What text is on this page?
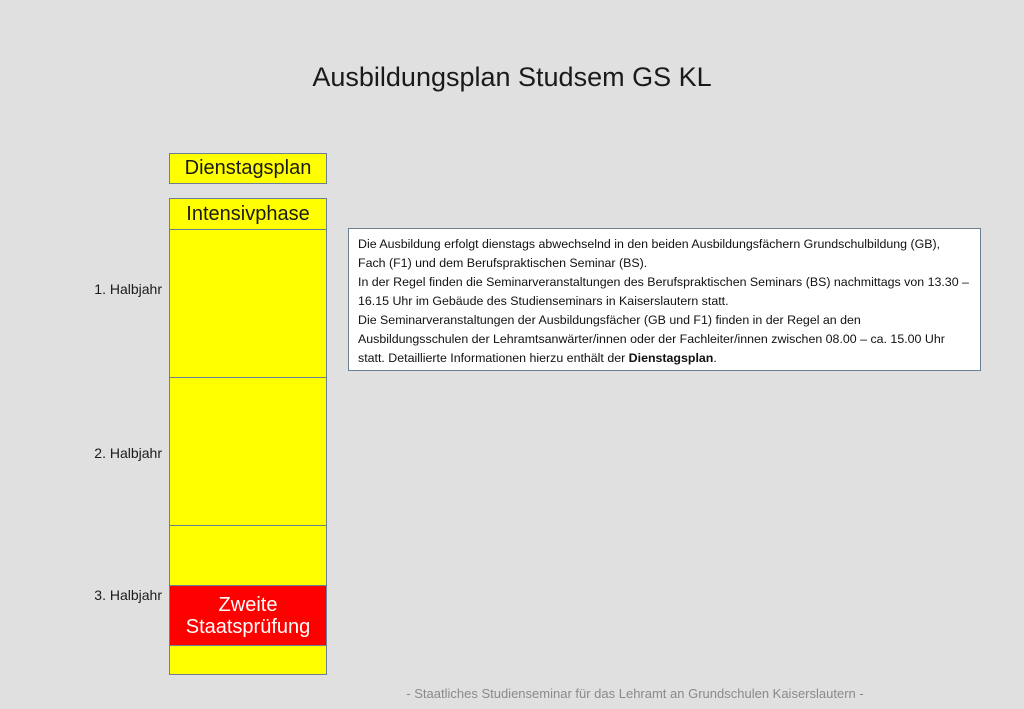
Ausbildungsplan Studsem GS KL
Dienstagsplan
Intensivphase
Zweite
Staatsprüfung
1. Halbjahr
2. Halbjahr
3. Halbjahr

Die Ausbildung erfolgt dienstags abwechselnd in den beiden Ausbildungsfächern Grundschulbildung (GB), Fach (F1) und dem Berufspraktischen Seminar (BS).

In der Regel finden die Seminarveranstaltungen des Berufspraktischen Seminars (BS) nachmittags von 13.30 – 16.15 Uhr im Gebäude des Studienseminars in Kaiserslautern statt.

Die Seminarveranstaltungen der Ausbildungsfächer (GB und F1) finden in der Regel an den Ausbildungsschulen der Lehramtsanwärter/innen oder der Fachleiter/innen zwischen 08.00 – ca. 15.00 Uhr statt. Detaillierte Informationen hierzu enthält der Dienstagsplan.

- Staatliches Studienseminar für das Lehramt an Grundschulen Kaiserslautern -
